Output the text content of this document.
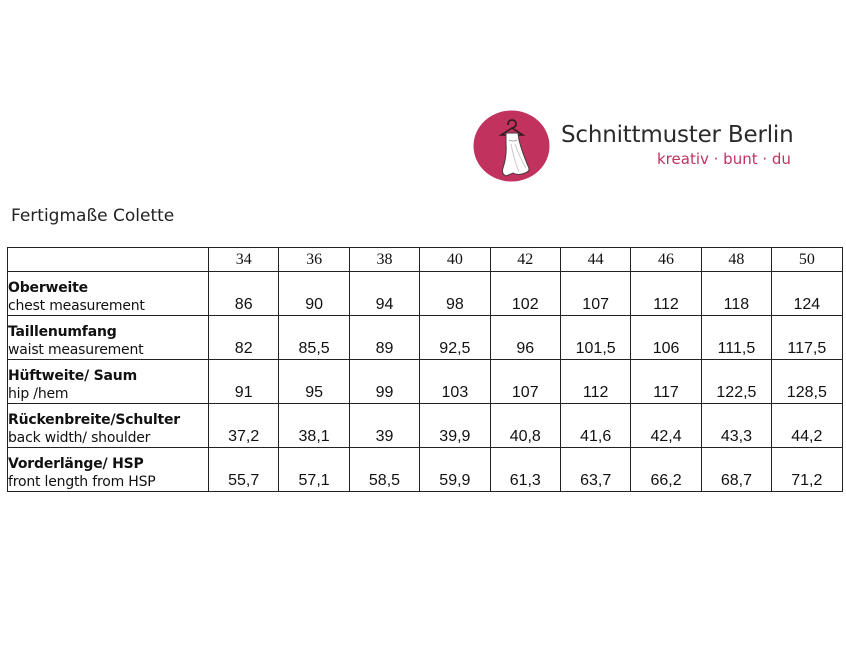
Schnittmuster Berlin
kreativ · bunt · du
Fertigmaße Colette
	34	36	38	40	42	44	46	48	50

Oberweite
chest measurement	86	90	94	98	102	107	112	118	124

Taillenumfang
waist measurement	82	85,5	89	92,5	96	101,5	106	111,5	117,5

Hüftweite/ Saum
hip /hem	91	95	99	103	107	112	117	122,5	128,5

Rückenbreite/Schulter
back width/ shoulder	37,2	38,1	39	39,9	40,8	41,6	42,4	43,3	44,2

Vorderlänge/ HSP
front length from HSP	55,7	57,1	58,5	59,9	61,3	63,7	66,2	68,7	71,2
